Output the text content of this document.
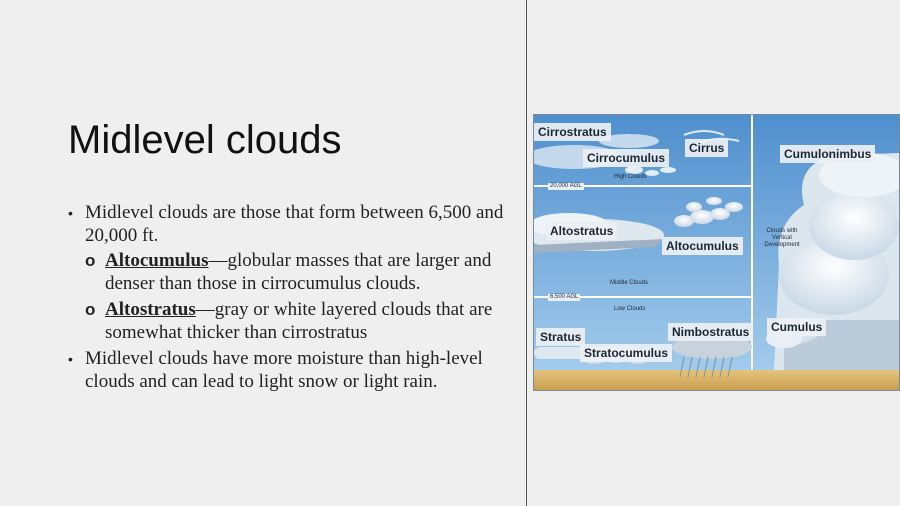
Midlevel clouds
• Midlevel clouds are those that form between 6,500 and 20,000 ft.
o Altocumulus—globular masses that are larger and denser than those in cirrocumulus clouds.
o Altostratus—gray or white layered clouds that are somewhat thicker than cirrostratus
• Midlevel clouds have more moisture than high-level clouds and can lead to light snow or light rain.
Cirrostratus
Cirrocumulus
Cirrus	Cumulonimbus
Altostratus
Altocumulus
Stratus
Stratocumulus
Nimbostratus	Cumulus
High Clouds
20,000 AGL
Middle Clouds
6,500 AGL
Low Clouds
Clouds with Vertical Development
